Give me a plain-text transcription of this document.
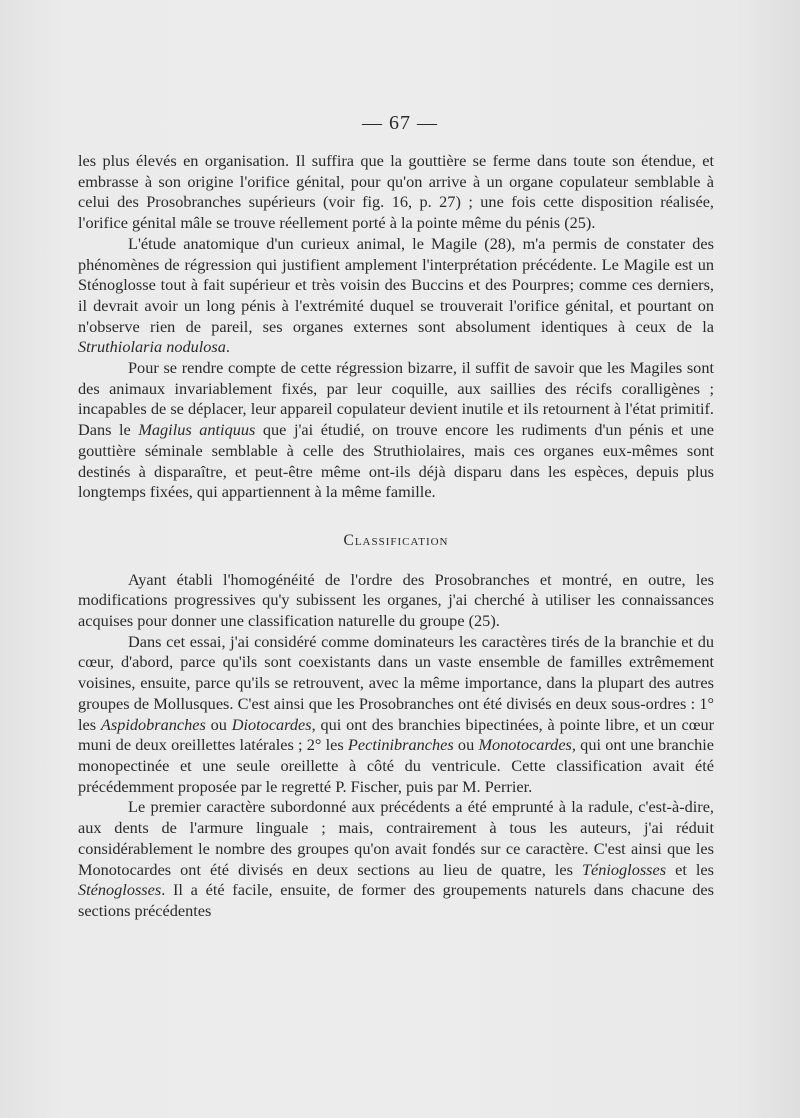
— 67 —

les plus élevés en organisation. Il suffira que la gouttière se ferme dans toute son étendue, et embrasse à son origine l'orifice génital, pour qu'on arrive à un organe copulateur semblable à celui des Prosobranches supérieurs (voir fig. 16, p. 27) ; une fois cette disposition réalisée, l'orifice génital mâle se trouve réellement porté à la pointe même du pénis (25).

L'étude anatomique d'un curieux animal, le Magile (28), m'a permis de constater des phénomènes de régression qui justifient amplement l'interprétation précédente. Le Magile est un Sténoglosse tout à fait supérieur et très voisin des Buccins et des Pourpres; comme ces derniers, il devrait avoir un long pénis à l'extrémité duquel se trouverait l'orifice génital, et pourtant on n'observe rien de pareil, ses organes externes sont absolument identiques à ceux de la Struthiolaria nodulosa.

Pour se rendre compte de cette régression bizarre, il suffit de savoir que les Magiles sont des animaux invariablement fixés, par leur coquille, aux saillies des récifs coralligènes ; incapables de se déplacer, leur appareil copulateur devient inutile et ils retournent à l'état primitif. Dans le Magilus antiquus que j'ai étudié, on trouve encore les rudiments d'un pénis et une gouttière séminale semblable à celle des Struthiolaires, mais ces organes eux-mêmes sont destinés à disparaître, et peut-être même ont-ils déjà disparu dans les espèces, depuis plus longtemps fixées, qui appartiennent à la même famille.

Classification

Ayant établi l'homogénéité de l'ordre des Prosobranches et montré, en outre, les modifications progressives qu'y subissent les organes, j'ai cherché à utiliser les connaissances acquises pour donner une classification naturelle du groupe (25).

Dans cet essai, j'ai considéré comme dominateurs les caractères tirés de la branchie et du cœur, d'abord, parce qu'ils sont coexistants dans un vaste ensemble de familles extrêmement voisines, ensuite, parce qu'ils se retrouvent, avec la même importance, dans la plupart des autres groupes de Mollusques. C'est ainsi que les Prosobranches ont été divisés en deux sous-ordres : 1° les Aspidobranches ou Diotocardes, qui ont des branchies bipectinées, à pointe libre, et un cœur muni de deux oreillettes latérales ; 2° les Pectinibranches ou Monotocardes, qui ont une branchie monopectinée et une seule oreillette à côté du ventricule. Cette classification avait été précédemment proposée par le regretté P. Fischer, puis par M. Perrier.

Le premier caractère subordonné aux précédents a été emprunté à la radule, c'est-à-dire, aux dents de l'armure linguale ; mais, contrairement à tous les auteurs, j'ai réduit considérablement le nombre des groupes qu'on avait fondés sur ce caractère. C'est ainsi que les Monotocardes ont été divisés en deux sections au lieu de quatre, les Ténioglosses et les Sténoglosses. Il a été facile, ensuite, de former des groupements naturels dans chacune des sections précédentes
